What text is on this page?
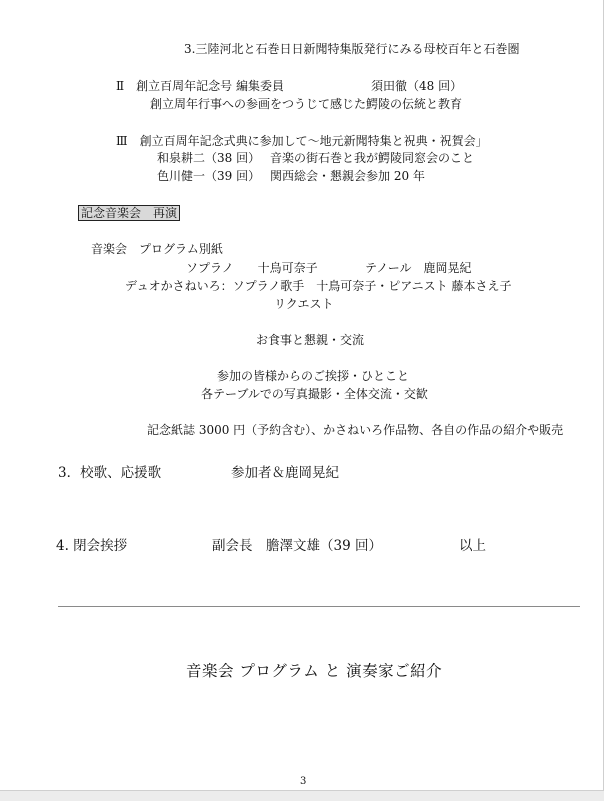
3.三陸河北と石巻日日新聞特集版発行にみる母校百年と石巻圏
Ⅱ　創立百周年記念号 編集委員	須田徹（48 回）
創立周年行事への参画をつうじて感じた鰐陵の伝統と教育
Ⅲ　創立百周年記念式典に参加して～地元新聞特集と祝典・祝賀会」
和泉耕二（38 回） 音楽の街石巻と我が鰐陵同窓会のこと
色川健一（39 回） 関西総会・懇親会参加 20 年
記念音楽会　再演
音楽会　プログラム別紙
ソプラノ　　十烏可奈子	テノール　鹿岡晃紀
デュオかさねいろ：ソプラノ歌手　十鳥可奈子・ピアニスト 藤本さえ子
リクエスト
お食事と懇親・交流
参加の皆様からのご挨拶・ひとこと
各テーブルでの写真撮影・全体交流・交歓
記念紙誌 3000 円（予約含む）、かさねいろ作品物、各自の作品の紹介や販売
3．校歌、応援歌	参加者＆鹿岡晃紀
4. 閉会挨拶	副会長　膽澤文雄（39 回）	以上
音楽会 プログラム と 演奏家ご紹介
3
